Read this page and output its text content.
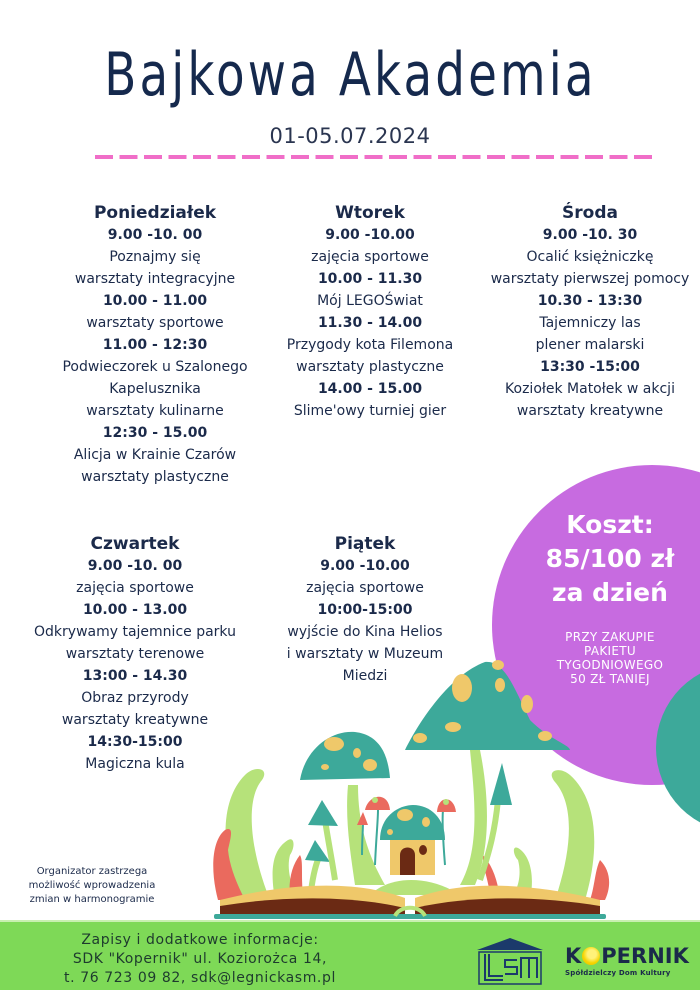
Bajkowa Akademia
01-05.07.2024
Poniedziałek
9.00 -10. 00
Poznajmy się
warsztaty integracyjne
10.00 - 11.00
warsztaty sportowe
11.00 - 12:30
Podwieczorek u Szalonego
Kapelusznika
warsztaty kulinarne
12:30 - 15.00
Alicja w Krainie Czarów
warsztaty plastyczne
Wtorek
9.00 -10.00
zajęcia sportowe
10.00 - 11.30
Mój LEGOŚwiat
11.30 - 14.00
Przygody kota Filemona
warsztaty plastyczne
14.00 - 15.00
Slime'owy turniej gier
Środa
9.00 -10. 30
Ocalić księżniczkę
warsztaty pierwszej pomocy
10.30 - 13:30
Tajemniczy las
plener malarski
13:30 -15:00
Koziołek Matołek w akcji
warsztaty kreatywne
Czwartek
9.00 -10. 00
zajęcia sportowe
10.00 - 13.00
Odkrywamy tajemnice parku
warsztaty terenowe
13:00 - 14.30
Obraz przyrody
warsztaty kreatywne
14:30-15:00
Magiczna kula
Piątek
9.00 -10.00
zajęcia sportowe
10:00-15:00
wyjście do Kina Helios
i warsztaty w Muzeum
Miedzi
Koszt:
85/100 zł
za dzień
PRZY ZAKUPIE
PAKIETU
TYGODNIOWEGO
50 ZŁ TANIEJ
Organizator zastrzega
możliwość wprowadzenia
zmian w harmonogramie
Zapisy i dodatkowe informacje:
SDK "Kopernik" ul. Koziorożca 14,
t. 76 723 09 82, sdk@legnickasm.pl
K PERNIK
Spółdzielczy Dom Kultury
